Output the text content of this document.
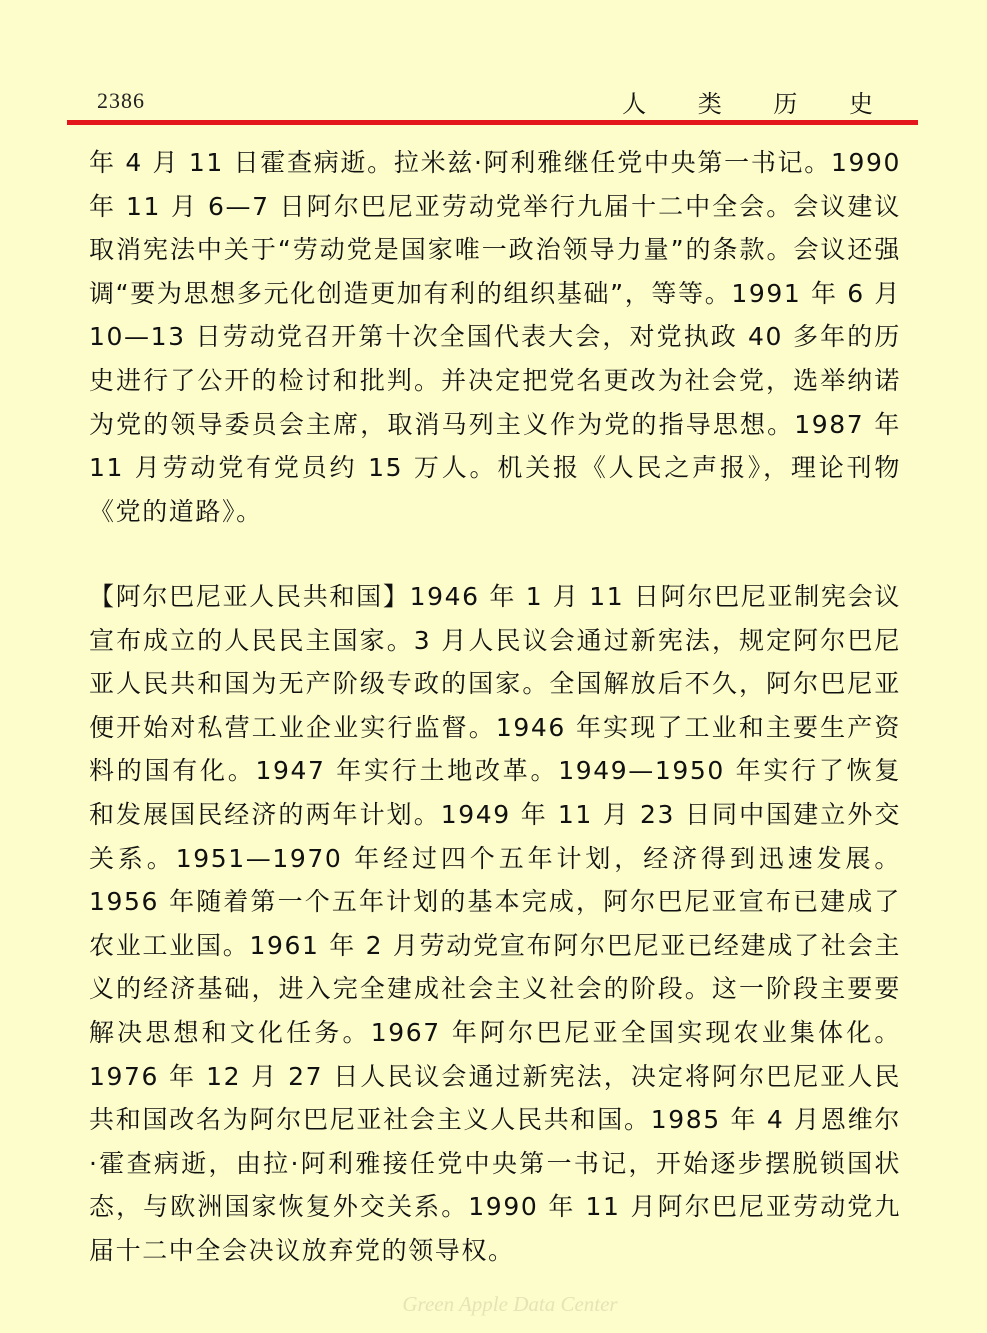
2386	人 类 历 史

年 4 月 11 日霍查病逝。拉米兹·阿利雅继任党中央第一书记。1990 年 11 月 6—7 日阿尔巴尼亚劳动党举行九届十二中全会。会议建议取消宪法中关于“劳动党是国家唯一政治领导力量”的条款。会议还强调“要为思想多元化创造更加有利的组织基础”，等等。1991 年 6 月 10—13 日劳动党召开第十次全国代表大会，对党执政 40 多年的历史进行了公开的检讨和批判。并决定把党名更改为社会党，选举纳诺为党的领导委员会主席，取消马列主义作为党的指导思想。1987 年 11 月劳动党有党员约 15 万人。机关报《人民之声报》，理论刊物《党的道路》。

【阿尔巴尼亚人民共和国】1946 年 1 月 11 日阿尔巴尼亚制宪会议宣布成立的人民民主国家。3 月人民议会通过新宪法，规定阿尔巴尼亚人民共和国为无产阶级专政的国家。全国解放后不久，阿尔巴尼亚便开始对私营工业企业实行监督。1946 年实现了工业和主要生产资料的国有化。1947 年实行土地改革。1949—1950 年实行了恢复和发展国民经济的两年计划。1949 年 11 月 23 日同中国建立外交关系。1951—1970 年经过四个五年计划，经济得到迅速发展。1956 年随着第一个五年计划的基本完成，阿尔巴尼亚宣布已建成了农业工业国。1961 年 2 月劳动党宣布阿尔巴尼亚已经建成了社会主义的经济基础，进入完全建成社会主义社会的阶段。这一阶段主要要解决思想和文化任务。1967 年阿尔巴尼亚全国实现农业集体化。1976 年 12 月 27 日人民议会通过新宪法，决定将阿尔巴尼亚人民共和国改名为阿尔巴尼亚社会主义人民共和国。1985 年 4 月恩维尔·霍查病逝，由拉·阿利雅接任党中央第一书记，开始逐步摆脱锁国状态，与欧洲国家恢复外交关系。1990 年 11 月阿尔巴尼亚劳动党九届十二中全会决议放弃党的领导权。

Green Apple Data Center
